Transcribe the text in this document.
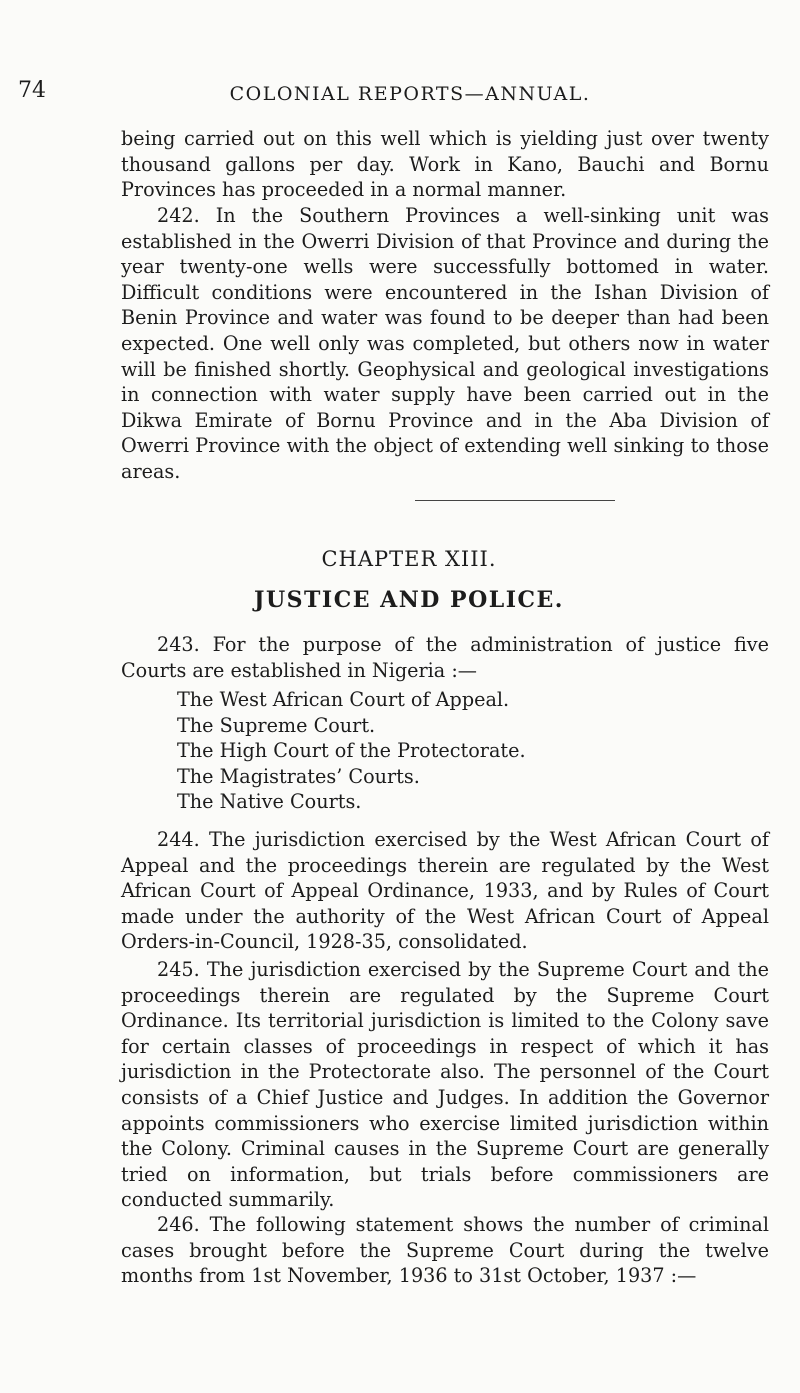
74	COLONIAL REPORTS—ANNUAL.

being carried out on this well which is yielding just over twenty thousand gallons per day. Work in Kano, Bauchi and Bornu Provinces has proceeded in a normal manner.

242. In the Southern Provinces a well-sinking unit was established in the Owerri Division of that Province and during the year twenty-one wells were successfully bottomed in water. Difficult conditions were encountered in the Ishan Division of Benin Province and water was found to be deeper than had been expected. One well only was completed, but others now in water will be finished shortly. Geophysical and geological investigations in connection with water supply have been carried out in the Dikwa Emirate of Bornu Province and in the Aba Division of Owerri Province with the object of extending well sinking to those areas.

CHAPTER XIII.
JUSTICE AND POLICE.

243. For the purpose of the administration of justice five Courts are established in Nigeria :—

The West African Court of Appeal.
The Supreme Court.
The High Court of the Protectorate.
The Magistrates’ Courts.
The Native Courts.

244. The jurisdiction exercised by the West African Court of Appeal and the proceedings therein are regulated by the West African Court of Appeal Ordinance, 1933, and by Rules of Court made under the authority of the West African Court of Appeal Orders-in-Council, 1928-35, consolidated.

245. The jurisdiction exercised by the Supreme Court and the proceedings therein are regulated by the Supreme Court Ordinance. Its territorial jurisdiction is limited to the Colony save for certain classes of proceedings in respect of which it has jurisdiction in the Protectorate also. The personnel of the Court consists of a Chief Justice and Judges. In addition the Governor appoints commissioners who exercise limited jurisdiction within the Colony. Criminal causes in the Supreme Court are generally tried on information, but trials before commissioners are conducted summarily.

246. The following statement shows the number of criminal cases brought before the Supreme Court during the twelve months from 1st November, 1936 to 31st October, 1937 :—
